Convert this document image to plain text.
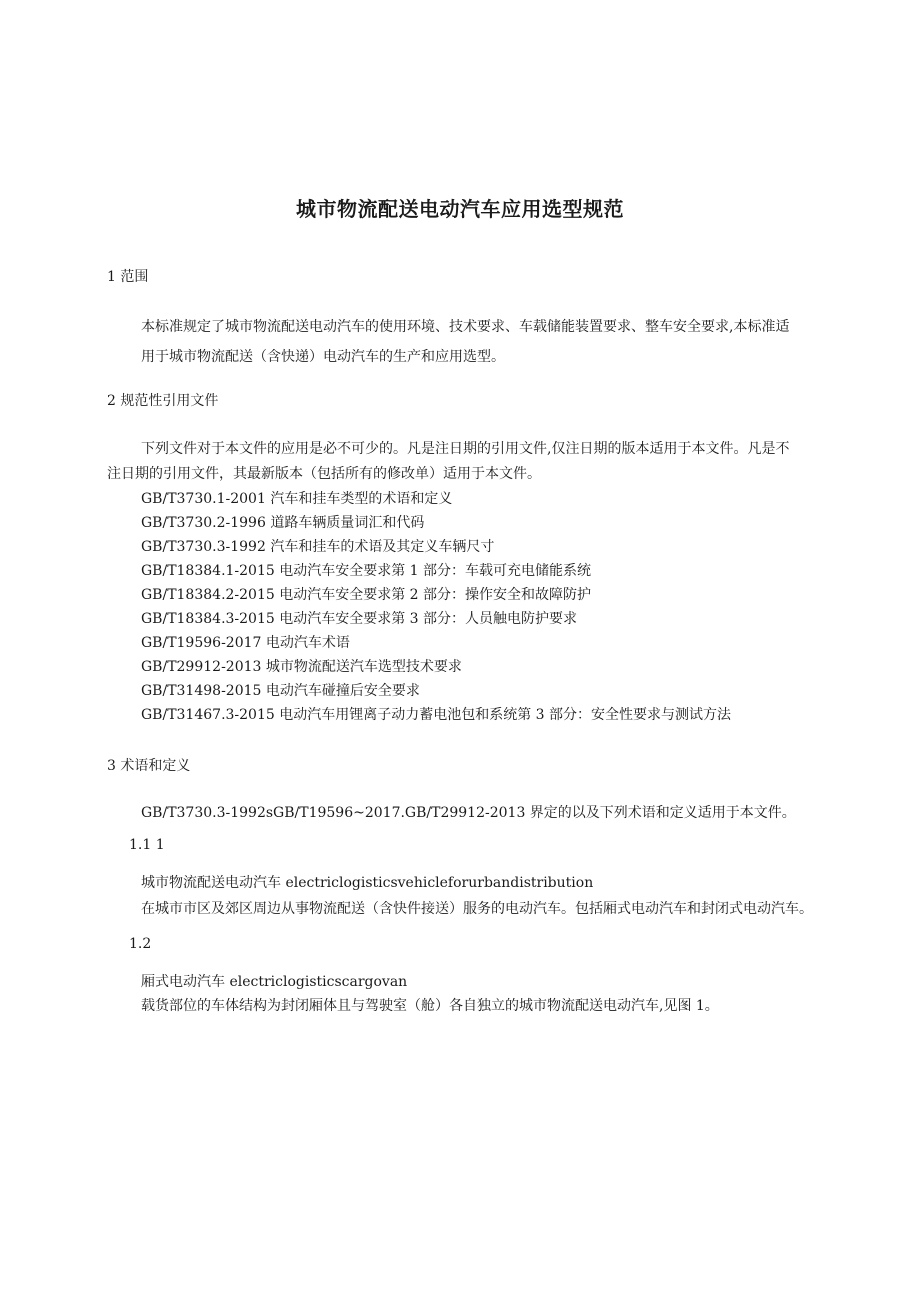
城市物流配送电动汽车应用选型规范
1 范围
本标准规定了城市物流配送电动汽车的使用环境、技术要求、车载储能装置要求、整车安全要求,本标准适
用于城市物流配送（含快递）电动汽车的生产和应用选型。
2 规范性引用文件
下列文件对于本文件的应用是必不可少的。凡是注日期的引用文件,仅注日期的版本适用于本文件。凡是不
注日期的引用文件，其最新版本（包括所有的修改单）适用于本文件。
GB/T3730.1-2001 汽车和挂车类型的术语和定义
GB/T3730.2-1996 道路车辆质量词汇和代码
GB/T3730.3-1992 汽车和挂车的术语及其定义车辆尺寸
GB/T18384.1-2015 电动汽车安全要求第 1 部分：车载可充电储能系统
GB/T18384.2-2015 电动汽车安全要求第 2 部分：操作安全和故障防护
GB/T18384.3-2015 电动汽车安全要求第 3 部分：人员触电防护要求
GB/T19596-2017 电动汽车术语
GB/T29912-2013 城市物流配送汽车选型技术要求
GB/T31498-2015 电动汽车碰撞后安全要求
GB/T31467.3-2015 电动汽车用锂离子动力蓄电池包和系统第 3 部分：安全性要求与测试方法
3 术语和定义

GB/T3730.3-1992sGB/T19596~2017.GB/T29912-2013 界定的以及下列术语和定义适用于本文件。

1.1 1

城市物流配送电动汽车 electriclogisticsvehicleforurbandistribution

在城市市区及郊区周边从事物流配送（含快件接送）服务的电动汽车。包括厢式电动汽车和封闭式电动汽车。

1.2

厢式电动汽车 electriclogisticscargovan

载货部位的车体结构为封闭厢体且与驾驶室（舱）各自独立的城市物流配送电动汽车,见图 1。
